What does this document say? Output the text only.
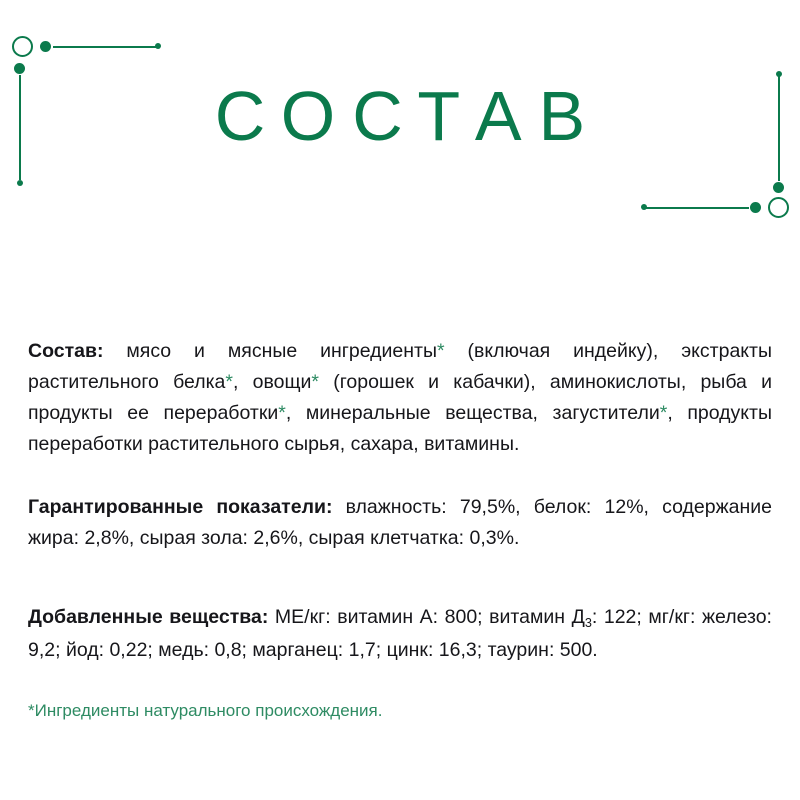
СОСТАВ

Состав: мясо и мясные ингредиенты* (включая индейку), экстракты растительного белка*, овощи* (горошек и кабачки), аминокислоты, рыба и продукты ее переработки*, минеральные вещества, загустители*, продукты переработки растительного сырья, сахара, витамины.

Гарантированные показатели: влажность: 79,5%, белок: 12%, содержание жира: 2,8%, сырая зола: 2,6%, сырая клетчатка: 0,3%.

Добавленные вещества: МЕ/кг: витамин А: 800; витамин $Д_3$: 122; мг/кг: железо: 9,2; йод: 0,22; медь: 0,8; марганец: 1,7; цинк: 16,3; таурин: 500.

*Ингредиенты натурального происхождения.
